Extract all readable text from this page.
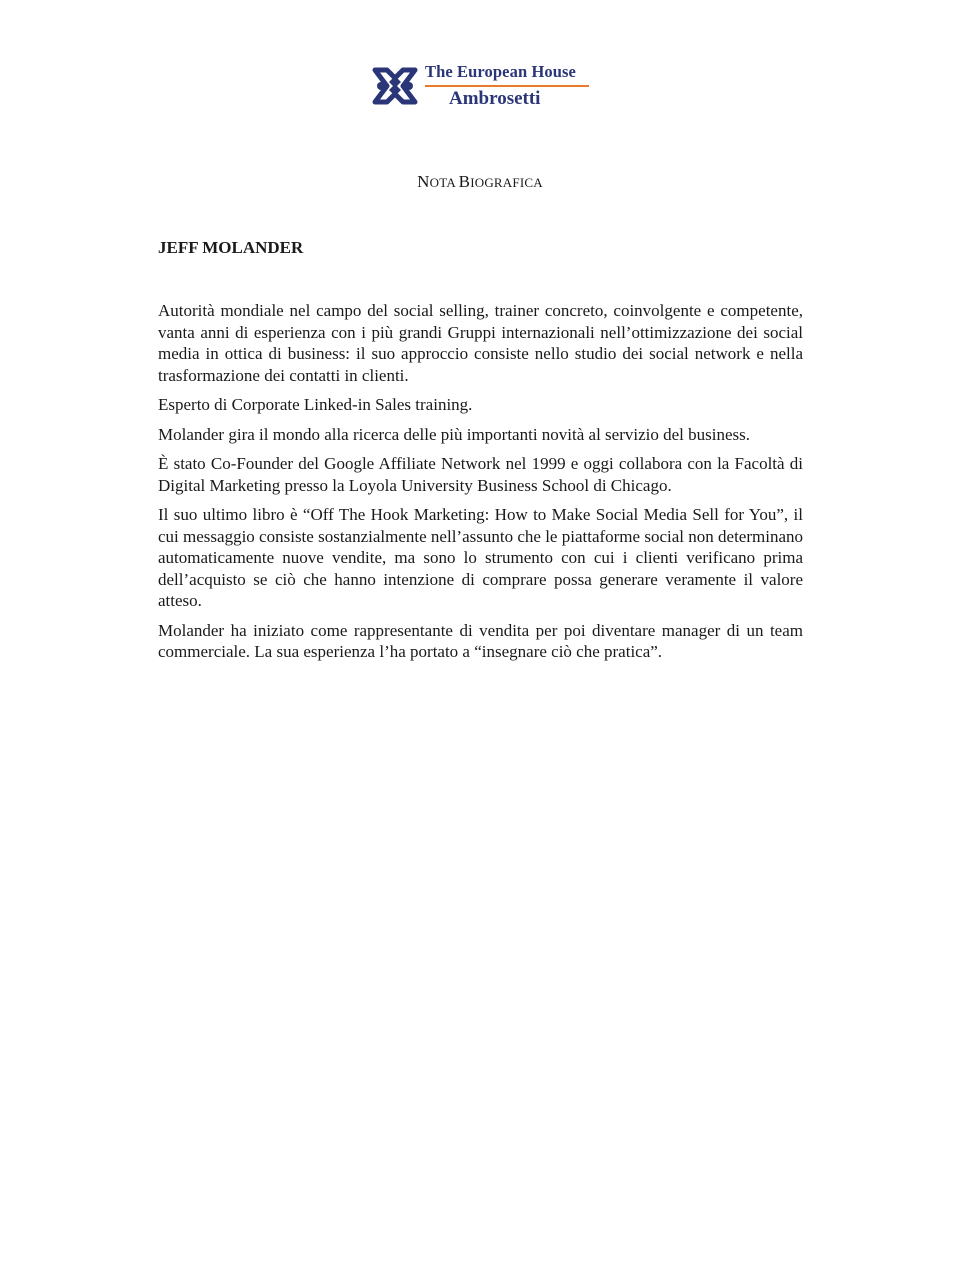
The European House
Ambrosetti
NOTA BIOGRAFICA
JEFF MOLANDER

Autorità mondiale nel campo del social selling, trainer concreto, coinvolgente e competente, vanta anni di esperienza con i più grandi Gruppi internazionali nell’ottimizzazione dei social media in ottica di business: il suo approccio consiste nello studio dei social network e nella trasformazione dei contatti in clienti.

Esperto di Corporate Linked-in Sales training.

Molander gira il mondo alla ricerca delle più importanti novità al servizio del business.

È stato Co-Founder del Google Affiliate Network nel 1999 e oggi collabora con la Facoltà di Digital Marketing presso la Loyola University Business School di Chicago.

Il suo ultimo libro è “Off The Hook Marketing: How to Make Social Media Sell for You”, il cui messaggio consiste sostanzialmente nell’assunto che le piattaforme social non determinano automaticamente nuove vendite, ma sono lo strumento con cui i clienti verificano prima dell’acquisto se ciò che hanno intenzione di comprare possa generare veramente il valore atteso.

Molander ha iniziato come rappresentante di vendita per poi diventare manager di un team commerciale. La sua esperienza l’ha portato a “insegnare ciò che pratica”.
